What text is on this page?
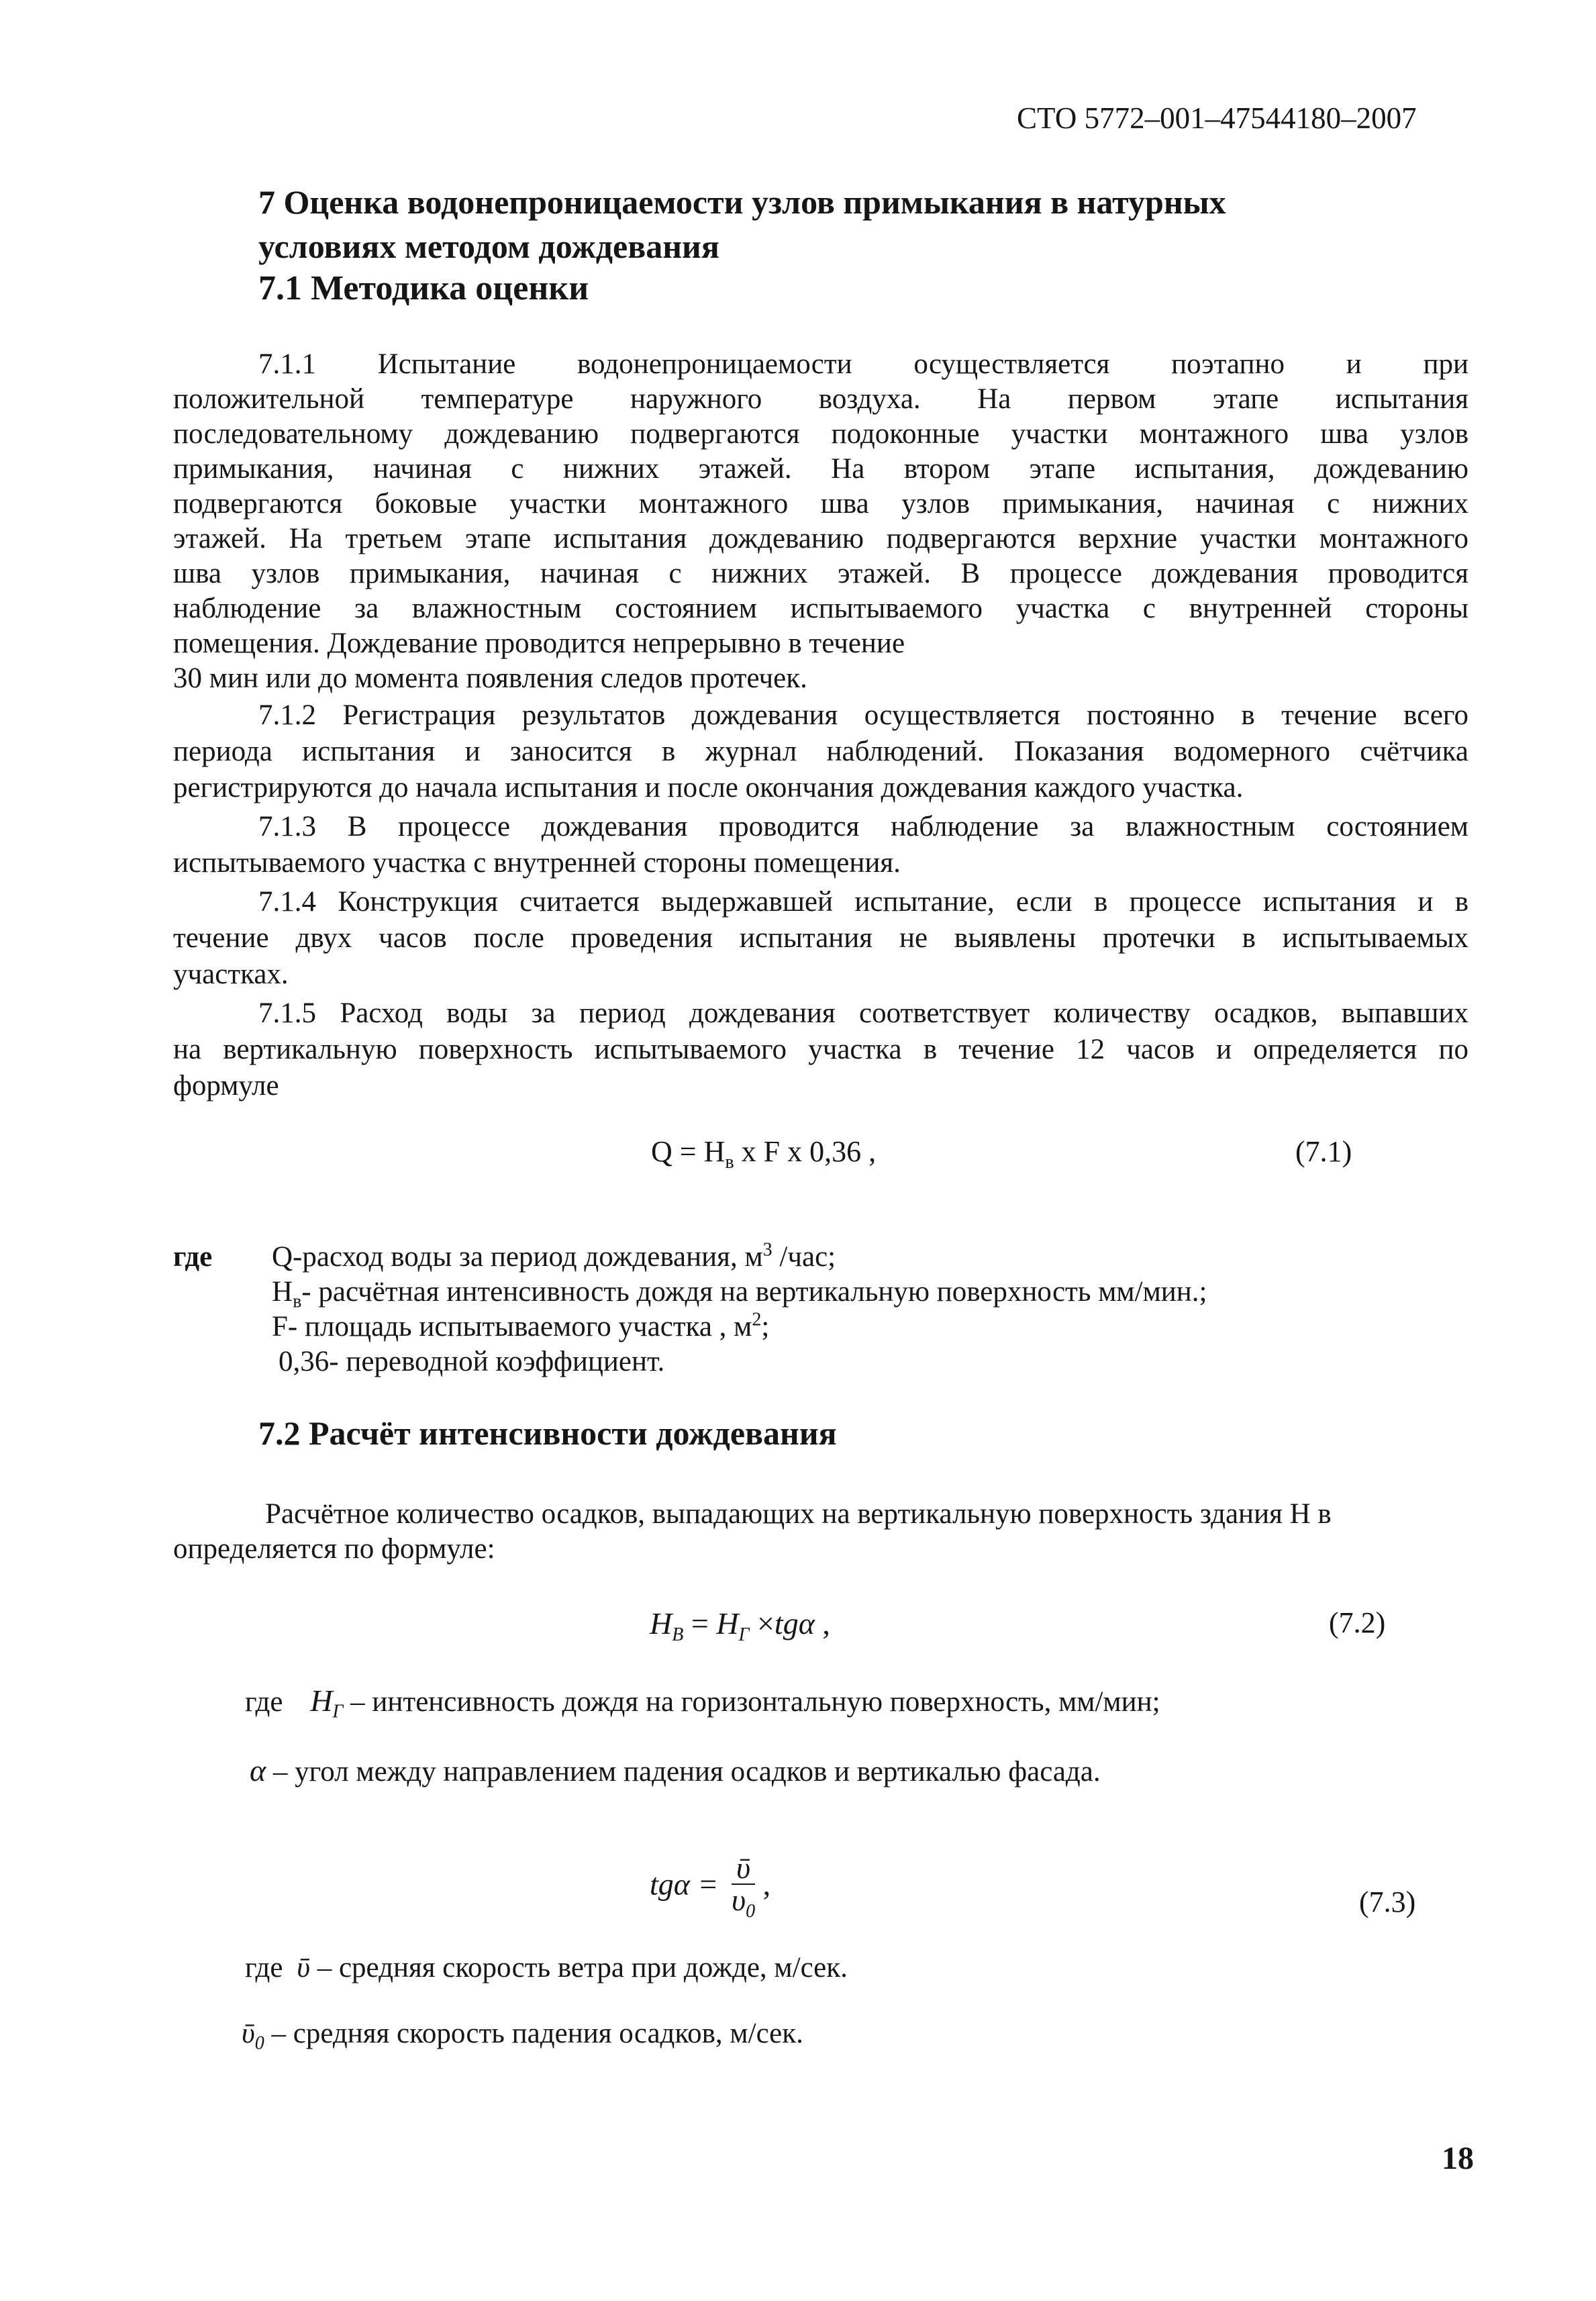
СТО 5772–001–47544180–2007
7 Оценка водонепроницаемости узлов примыкания в натурных
условиях методом дождевания
7.1 Методика оценки
7.1.1 Испытание водонепроницаемости осуществляется поэтапно и при
положительной температуре наружного воздуха. На первом этапе испытания
последовательному дождеванию подвергаются подоконные участки монтажного шва узлов
примыкания, начиная с нижних этажей. На втором этапе испытания, дождеванию
подвергаются боковые участки монтажного шва узлов примыкания, начиная с нижних
этажей. На третьем этапе испытания дождеванию подвергаются верхние участки монтажного
шва узлов примыкания, начиная с нижних этажей. В процессе дождевания проводится
наблюдение за влажностным состоянием испытываемого участка с внутренней стороны
помещения. Дождевание проводится непрерывно в течение
30 мин или до момента появления следов протечек.
7.1.2 Регистрация результатов дождевания осуществляется постоянно в течение всего
периода испытания и заносится в журнал наблюдений. Показания водомерного счётчика
регистрируются до начала испытания и после окончания дождевания каждого участка.
7.1.3 В процессе дождевания проводится наблюдение за влажностным состоянием
испытываемого участка с внутренней стороны помещения.
7.1.4 Конструкция считается выдержавшей испытание, если в процессе испытания и в
течение двух часов после проведения испытания не выявлены протечки в испытываемых
участках.
7.1.5 Расход воды за период дождевания соответствует количеству осадков, выпавших
на вертикальную поверхность испытываемого участка в течение 12 часов и определяется по
формуле
$Q = H_в$ x F x 0,36 ,	(7.1)
где Q-расход воды за период дождевания, $м^3$ /час;
$H_в-$ расчётная интенсивность дождя на вертикальную поверхность мм/мин.;
F- площадь испытываемого участка , $м^2$;
0,36- переводной коэффициент.
7.2 Расчёт интенсивности дождевания
Расчётное количество осадков, выпадающих на вертикальную поверхность здания H в
определяется по формуле:
$H_В = H_Г \times tg\alpha$ ,	(7.2)
где $H_Г$ – интенсивность дождя на горизонтальную поверхность, мм/мин;
α – угол между направлением падения осадков и вертикалью фасада.
$tg\alpha = \frac{\text{ῡ}}{\upsilon_0}$ ,
(7.3)
где ῡ – средняя скорость ветра при дожде, м/сек.
ῡ$_0$ – средняя скорость падения осадков, м/сек.
18
